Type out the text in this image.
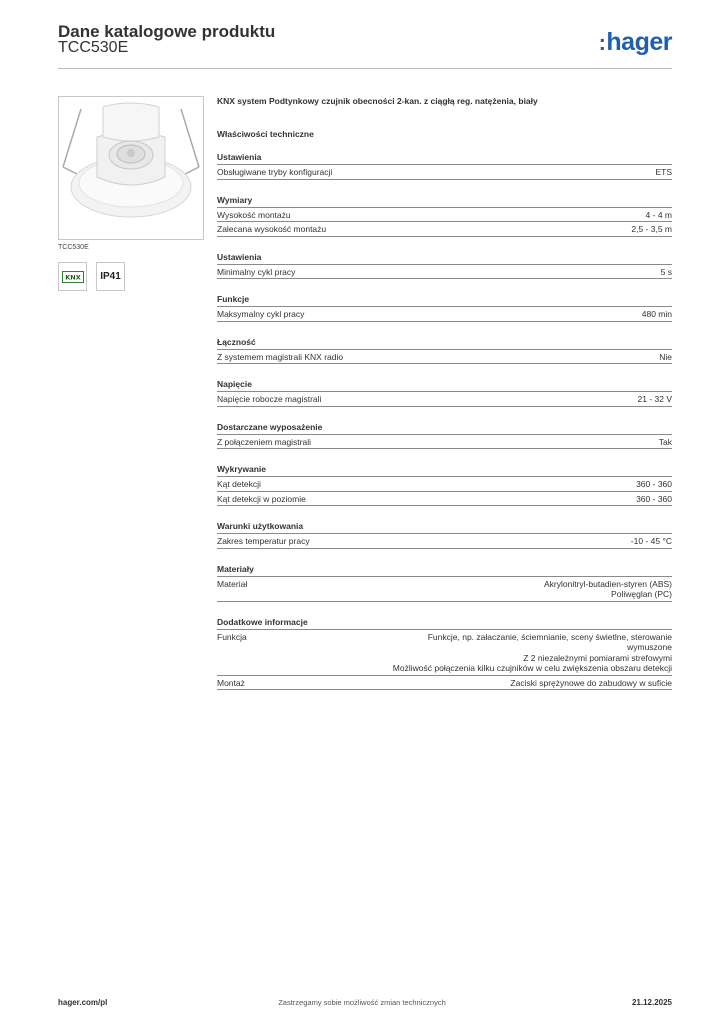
Dane katalogowe produktu
TCC530E	:hager
TCC530E
KNX	IP41
KNX system Podtynkowy czujnik obecności 2-kan. z ciągłą reg. natężenia, biały
Właściwości techniczne
Ustawienia
Obsługiwane tryby konfiguracji	ETS
Wymiary
Wysokość montażu	4 - 4 m
Zalecana wysokość montażu	2,5 - 3,5 m
Ustawienia
Minimalny cykl pracy	5 s
Funkcje
Maksymalny cykl pracy	480 min
Łączność
Z systemem magistrali KNX radio	Nie
Napięcie
Napięcie robocze magistrali	21 - 32 V
Dostarczane wyposażenie
Z połączeniem magistrali	Tak
Wykrywanie
Kąt detekcji	360 - 360
Kąt detekcji w poziomie	360 - 360
Warunki użytkowania
Zakres temperatur pracy	-10 - 45 °C
Materiały
Materiał	Akrylonitryl-butadien-styren (ABS)
Poliwęglan (PC)
Dodatkowe informacje
Funkcja	Funkcje, np. załaczanie, ściemnianie, sceny świetlne, sterowanie wymuszone
Z 2 niezależnymi pomiarami strefowymi
Możliwość połączenia kilku czujników w celu zwiększenia obszaru detekcji
Montaż	Zaciski sprężynowe do zabudowy w suficie
hager.com/pl	Zastrzegamy sobie możliwość zmian technicznych	21.12.2025
